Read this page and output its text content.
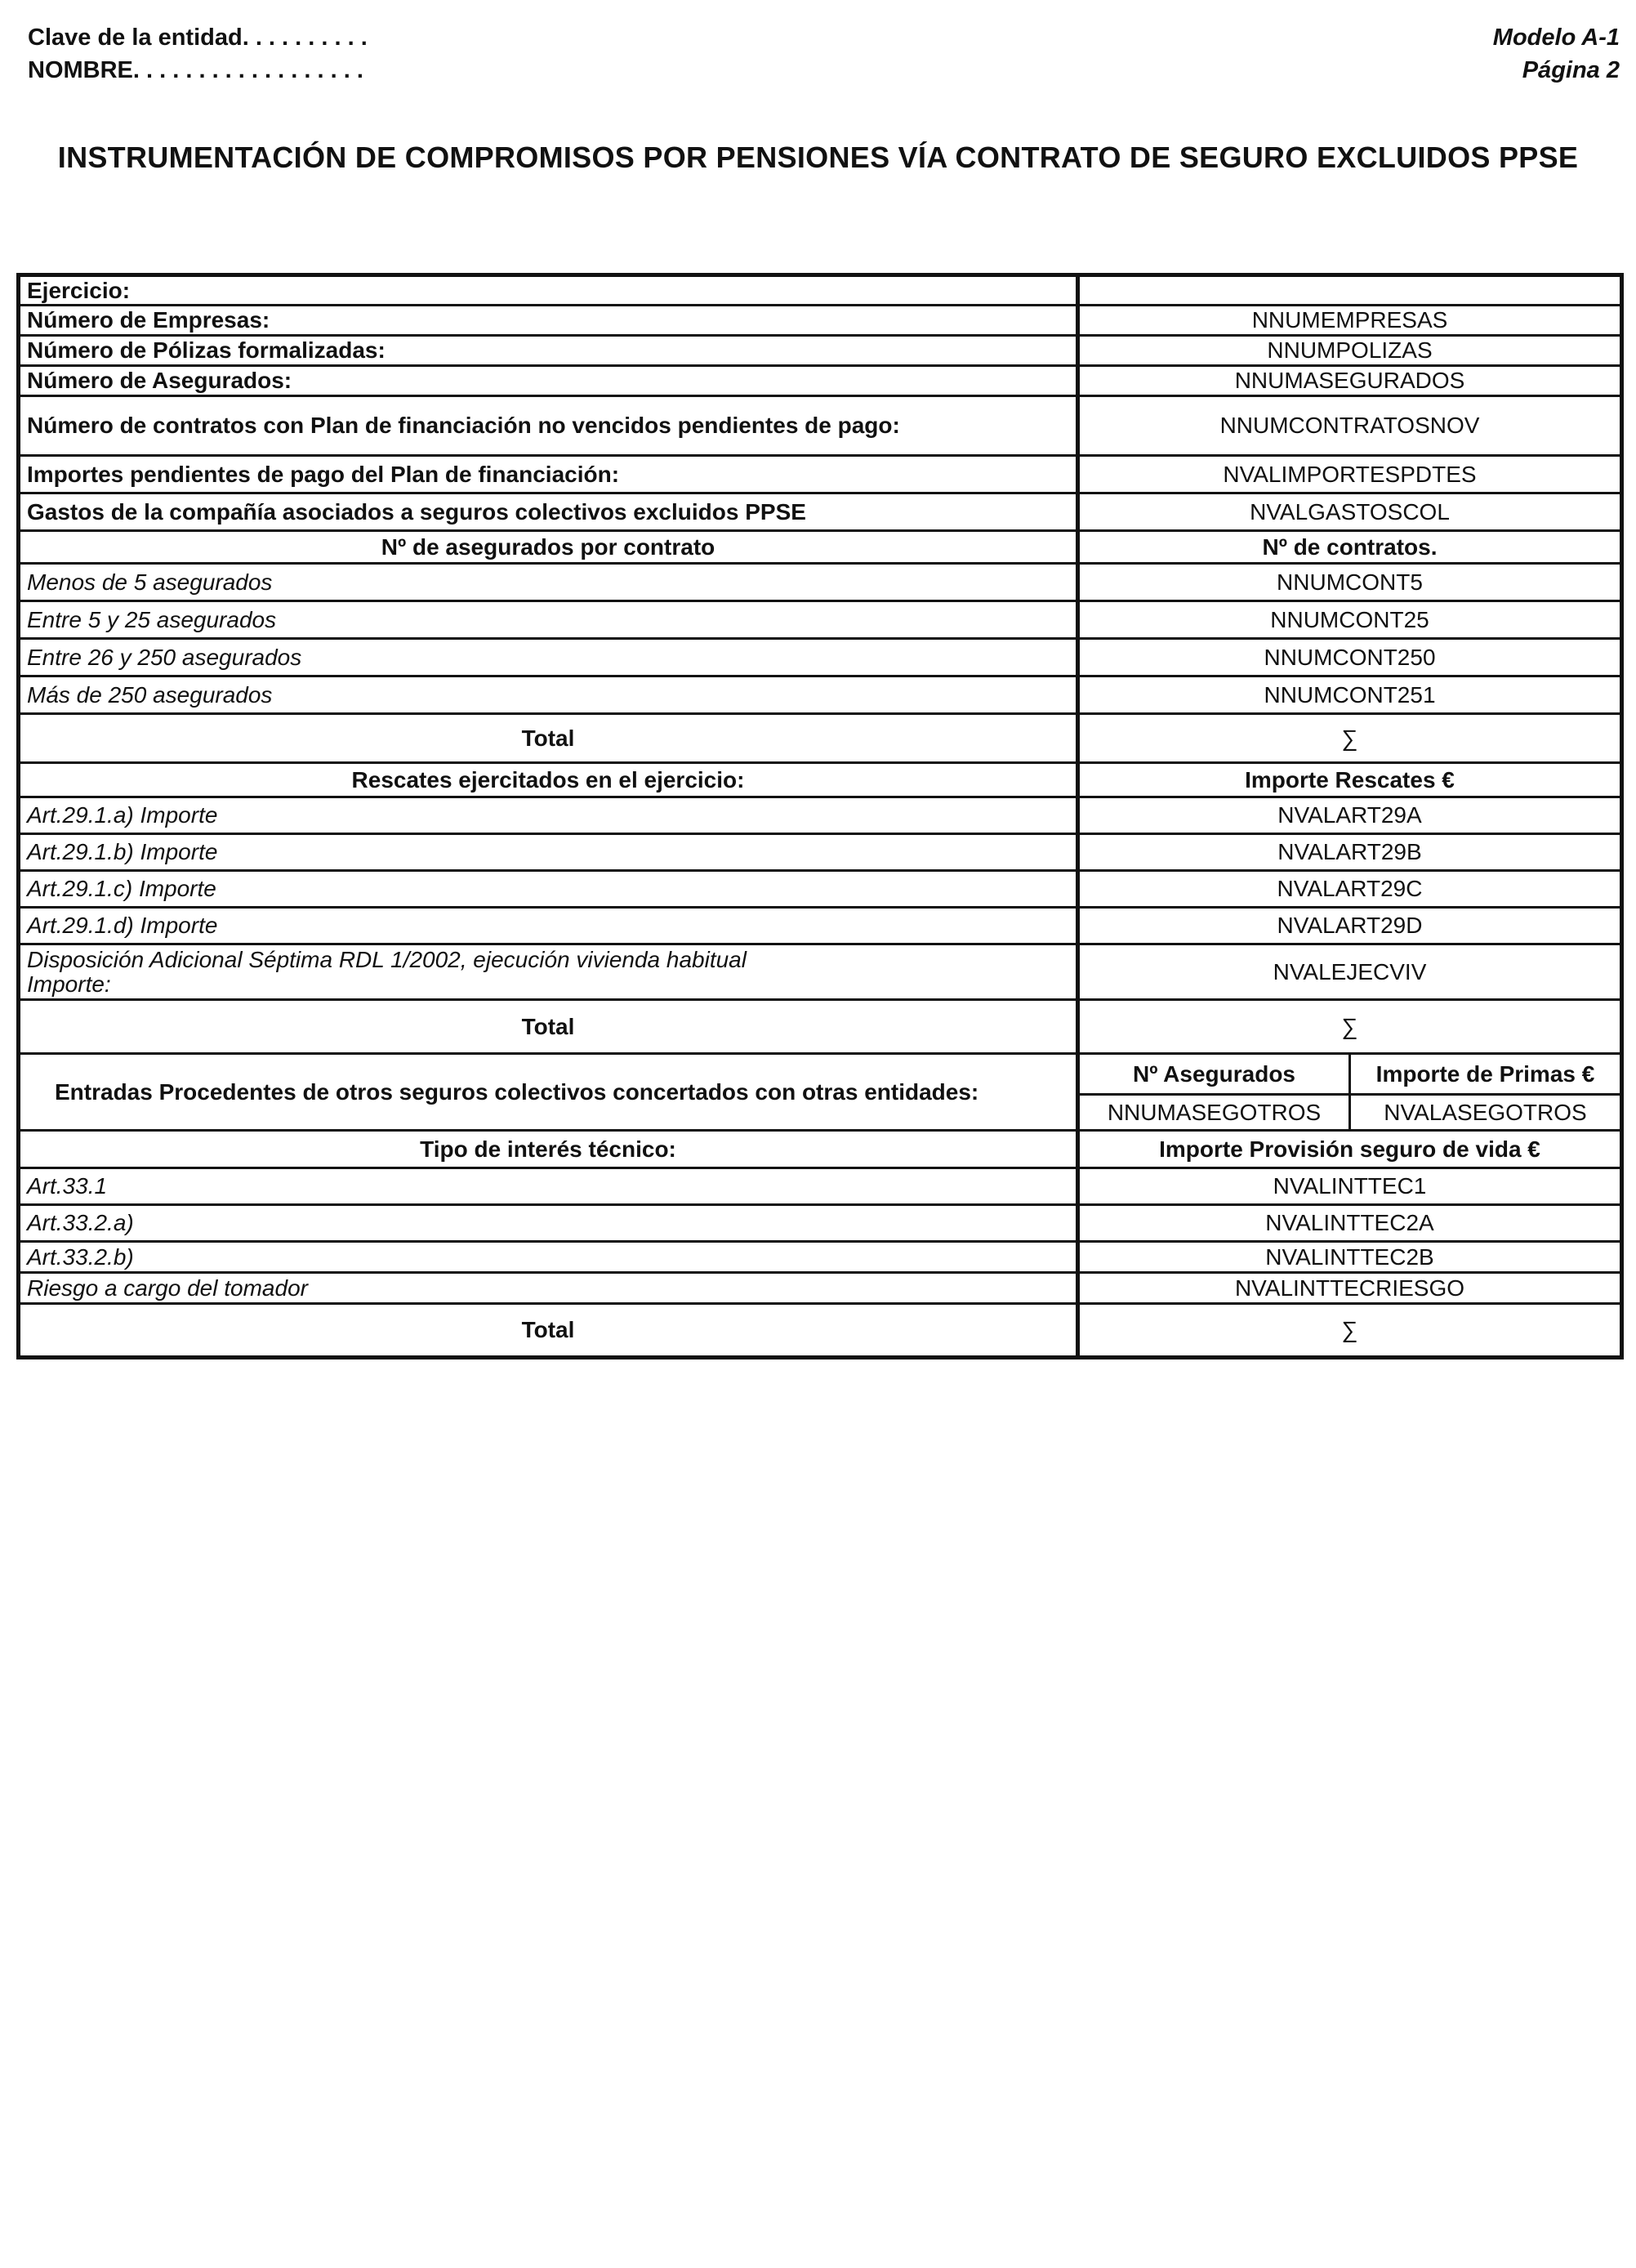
Clave de la entidad. . . . . . . . . .
NOMBRE. . . . . . . . . . . . . . . . . .
Modelo A-1
Página 2
INSTRUMENTACIÓN DE COMPROMISOS POR PENSIONES VÍA CONTRATO DE SEGURO EXCLUIDOS PPSE
Ejercicio:		
Número de Empresas:	NNUMEMPRESAS	
Número de Pólizas formalizadas:	NNUMPOLIZAS	
Número de Asegurados:	NNUMASEGURADOS	
Número de contratos con Plan de financiación no vencidos pendientes de pago:	NNUMCONTRATOSNOV	
Importes pendientes de pago del Plan de financiación:	NVALIMPORTESPDTES	
Gastos de la compañía asociados a seguros colectivos excluidos PPSE	NVALGASTOSCOL	
Nº de asegurados por contrato	Nº de contratos.	
Menos de 5 asegurados	NNUMCONT5	
Entre 5 y 25 asegurados	NNUMCONT25	
Entre 26 y 250 asegurados	NNUMCONT250	
Más de 250 asegurados	NNUMCONT251	
Total	∑	
Rescates ejercitados en el ejercicio:	Importe Rescates €	
Art.29.1.a) Importe	NVALART29A	
Art.29.1.b) Importe	NVALART29B	
Art.29.1.c) Importe	NVALART29C	
Art.29.1.d) Importe	NVALART29D	

Disposición Adicional Séptima RDL 1/2002, ejecución vivienda habitual
Importe:	NVALEJECVIV	
Total	∑	
Entradas Procedentes de otros seguros colectivos concertados con otras entidades:	Nº Asegurados	Importe de Primas €
	NNUMASEGOTROS	NVALASEGOTROS
Tipo de interés técnico:	Importe Provisión seguro de vida €	
Art.33.1	NVALINTTEC1	
Art.33.2.a)	NVALINTTEC2A	
Art.33.2.b)	NVALINTTEC2B	
Riesgo a cargo del tomador	NVALINTTECRIESGO	
Total	∑	
